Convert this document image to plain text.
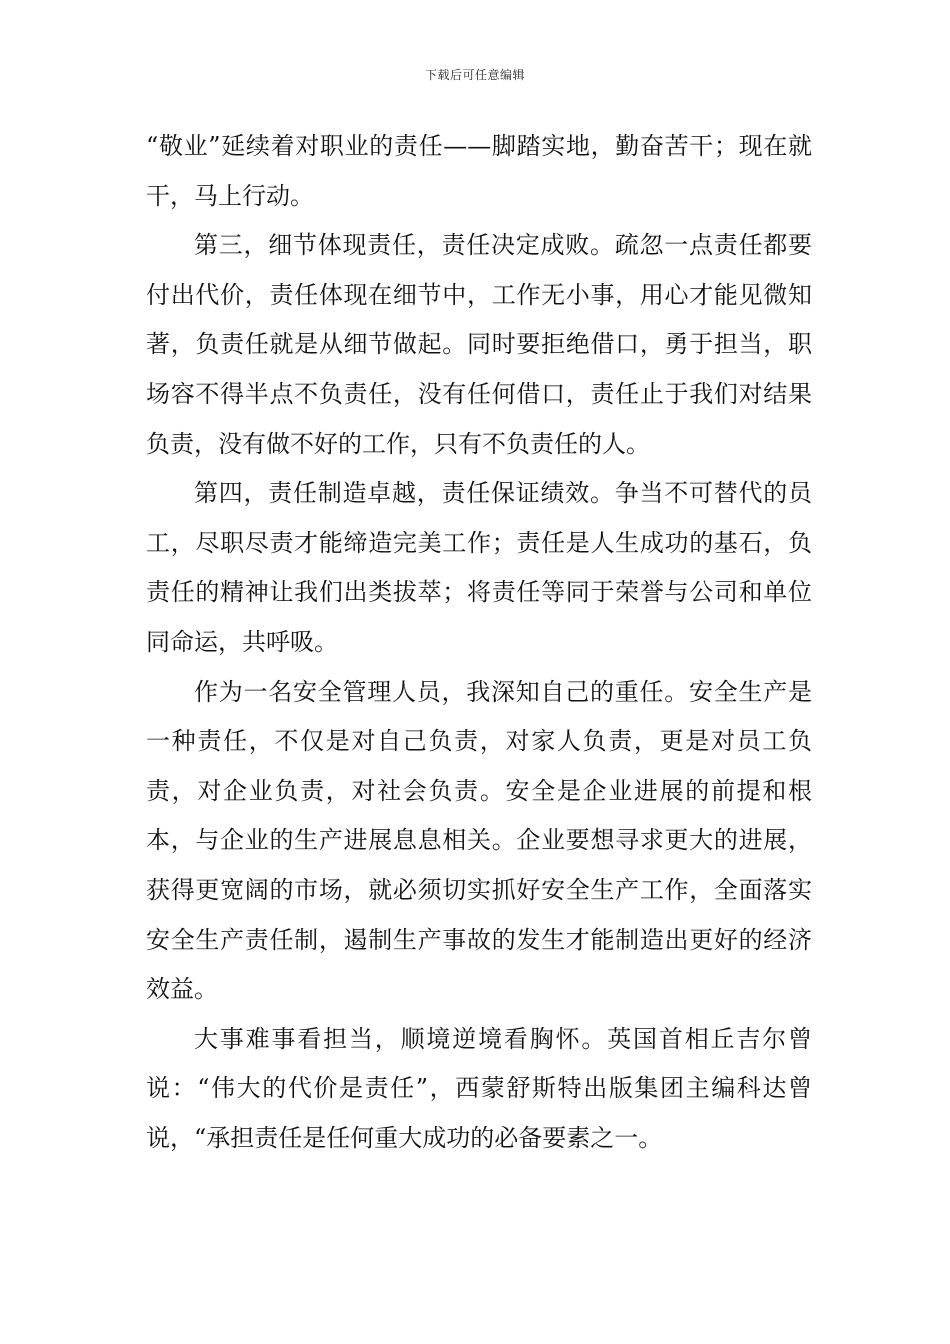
下载后可任意编辑

“敬业”延续着对职业的责任——脚踏实地，勤奋苦干；现在就干，马上行动。

第三，细节体现责任，责任决定成败。疏忽一点责任都要付出代价，责任体现在细节中，工作无小事，用心才能见微知著，负责任就是从细节做起。同时要拒绝借口，勇于担当，职场容不得半点不负责任，没有任何借口，责任止于我们对结果负责，没有做不好的工作，只有不负责任的人。

第四，责任制造卓越，责任保证绩效。争当不可替代的员工，尽职尽责才能缔造完美工作；责任是人生成功的基石，负责任的精神让我们出类拔萃；将责任等同于荣誉与公司和单位同命运，共呼吸。

作为一名安全管理人员，我深知自己的重任。安全生产是一种责任，不仅是对自己负责，对家人负责，更是对员工负责，对企业负责，对社会负责。安全是企业进展的前提和根本，与企业的生产进展息息相关。企业要想寻求更大的进展，获得更宽阔的市场，就必须切实抓好安全生产工作，全面落实安全生产责任制，遏制生产事故的发生才能制造出更好的经济效益。

大事难事看担当，顺境逆境看胸怀。英国首相丘吉尔曾说：“伟大的代价是责任”，西蒙舒斯特出版集团主编科达曾说，“承担责任是任何重大成功的必备要素之一。
